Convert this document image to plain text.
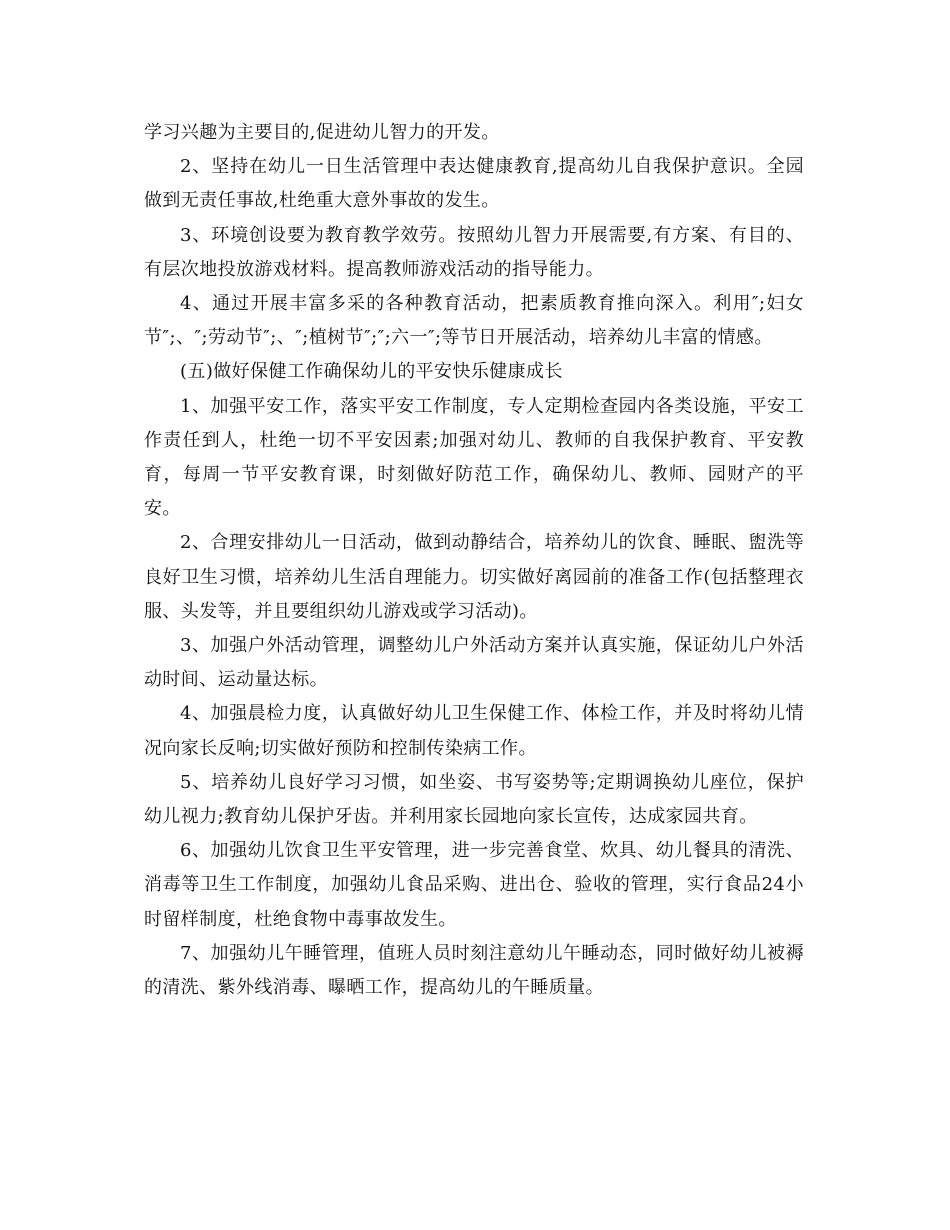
学习兴趣为主要目的,促进幼儿智力的开发。

2、坚持在幼儿一日生活管理中表达健康教育,提高幼儿自我保护意识。全园做到无责任事故,杜绝重大意外事故的发生。

3、环境创设要为教育教学效劳。按照幼儿智力开展需要,有方案、有目的、有层次地投放游戏材料。提高教师游戏活动的指导能力。

4、通过开展丰富多采的各种教育活动，把素质教育推向深入。利用″;妇女节″;、″;劳动节″;、″;植树节″;″;六一″;等节日开展活动，培养幼儿丰富的情感。

(五)做好保健工作确保幼儿的平安快乐健康成长

1、加强平安工作，落实平安工作制度，专人定期检查园内各类设施，平安工作责任到人，杜绝一切不平安因素;加强对幼儿、教师的自我保护教育、平安教育，每周一节平安教育课，时刻做好防范工作，确保幼儿、教师、园财产的平安。

2、合理安排幼儿一日活动，做到动静结合，培养幼儿的饮食、睡眠、盥洗等良好卫生习惯，培养幼儿生活自理能力。切实做好离园前的准备工作(包括整理衣服、头发等，并且要组织幼儿游戏或学习活动)。

3、加强户外活动管理，调整幼儿户外活动方案并认真实施，保证幼儿户外活动时间、运动量达标。

4、加强晨检力度，认真做好幼儿卫生保健工作、体检工作，并及时将幼儿情况向家长反响;切实做好预防和控制传染病工作。

5、培养幼儿良好学习习惯，如坐姿、书写姿势等;定期调换幼儿座位，保护幼儿视力;教育幼儿保护牙齿。并利用家长园地向家长宣传，达成家园共育。

6、加强幼儿饮食卫生平安管理，进一步完善食堂、炊具、幼儿餐具的清洗、消毒等卫生工作制度，加强幼儿食品采购、进出仓、验收的管理，实行食品24小时留样制度，杜绝食物中毒事故发生。

7、加强幼儿午睡管理，值班人员时刻注意幼儿午睡动态，同时做好幼儿被褥的清洗、紫外线消毒、曝晒工作，提高幼儿的午睡质量。
